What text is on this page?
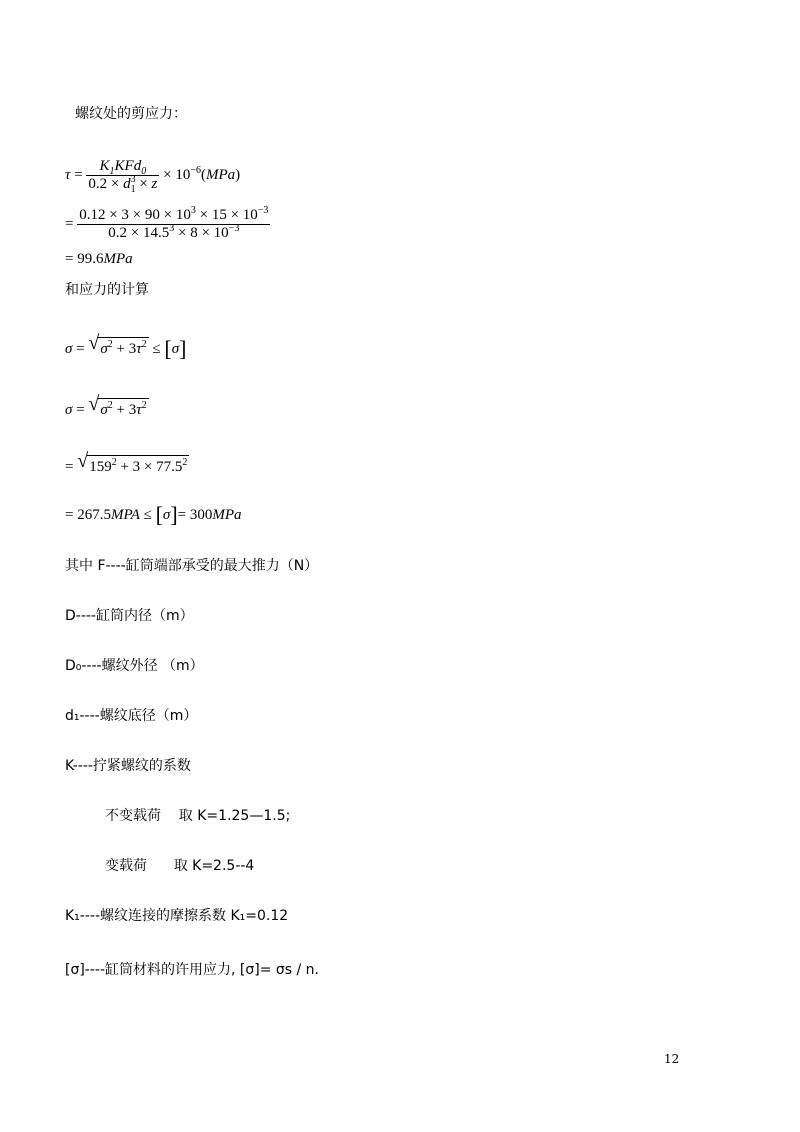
螺纹处的剪应力：
$\tau = \frac{K_1KFd_0}{0.2 \times d_1^3 \times z} \times 10^{-6}(MPa)$
= $\frac{0.12 \times 3 \times 90 \times 10^3 \times 15 \times 10^{-3}}{0.2 \times 14.5^3 \times 8 \times 10^{-3}}$
= 99.6MPa
和应力的计算
σ = √ $\sigma^2 + 3\tau^2 \le [\sigma]$
σ = √ $\sigma^2 + 3\tau^2$
= √ $159^2 + 3 \times 77.5^2$
= 267.5MPA ≤ [σ]= 300MPa
其中 F----缸筒端部承受的最大推力（N）
D----缸筒内径（m）
D₀----螺纹外径 （m）
d₁----螺纹底径（m）
K----拧紧螺纹的系数
不变载荷    取 K=1.25—1.5;
变载荷      取 K=2.5--4
K₁----螺纹连接的摩擦系数 K₁=0.12
[σ]----缸筒材料的许用应力, [σ]= σs / n.
12
